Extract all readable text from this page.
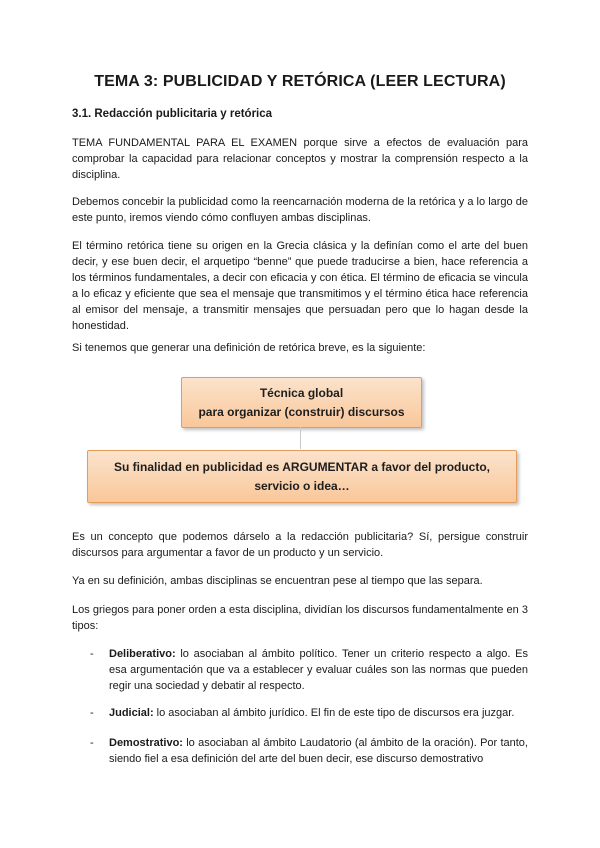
TEMA 3: PUBLICIDAD Y RETÓRICA (LEER LECTURA)
3.1. Redacción publicitaria y retórica
TEMA FUNDAMENTAL PARA EL EXAMEN porque sirve a efectos de evaluación para comprobar la capacidad para relacionar conceptos y mostrar la comprensión respecto a la disciplina.
Debemos concebir la publicidad como la reencarnación moderna de la retórica y a lo largo de este punto, iremos viendo cómo confluyen ambas disciplinas.
El término retórica tiene su origen en la Grecia clásica y la definían como el arte del buen decir, y ese buen decir, el arquetipo “benne” que puede traducirse a bien, hace referencia a los términos fundamentales, a decir con eficacia y con ética. El término de eficacia se vincula a lo eficaz y eficiente que sea el mensaje que transmitimos y el término ética hace referencia al emisor del mensaje, a transmitir mensajes que persuadan pero que lo hagan desde la honestidad.
Si tenemos que generar una definición de retórica breve, es la siguiente:
Técnica global
para organizar (construir) discursos
Su finalidad en publicidad es ARGUMENTAR a favor del producto,
servicio o idea…
Es un concepto que podemos dárselo a la redacción publicitaria? Sí, persigue construir discursos para argumentar a favor de un producto y un servicio.
Ya en su definición, ambas disciplinas se encuentran pese al tiempo que las separa.
Los griegos para poner orden a esta disciplina, dividían los discursos fundamentalmente en 3 tipos:
-	Deliberativo: lo asociaban al ámbito político. Tener un criterio respecto a algo. Es esa argumentación que va a establecer y evaluar cuáles son las normas que pueden regir una sociedad y debatir al respecto.
-	Judicial: lo asociaban al ámbito jurídico. El fin de este tipo de discursos era juzgar.
-	Demostrativo: lo asociaban al ámbito Laudatorio (al ámbito de la oración). Por tanto, siendo fiel a esa definición del arte del buen decir, ese discurso demostrativo
